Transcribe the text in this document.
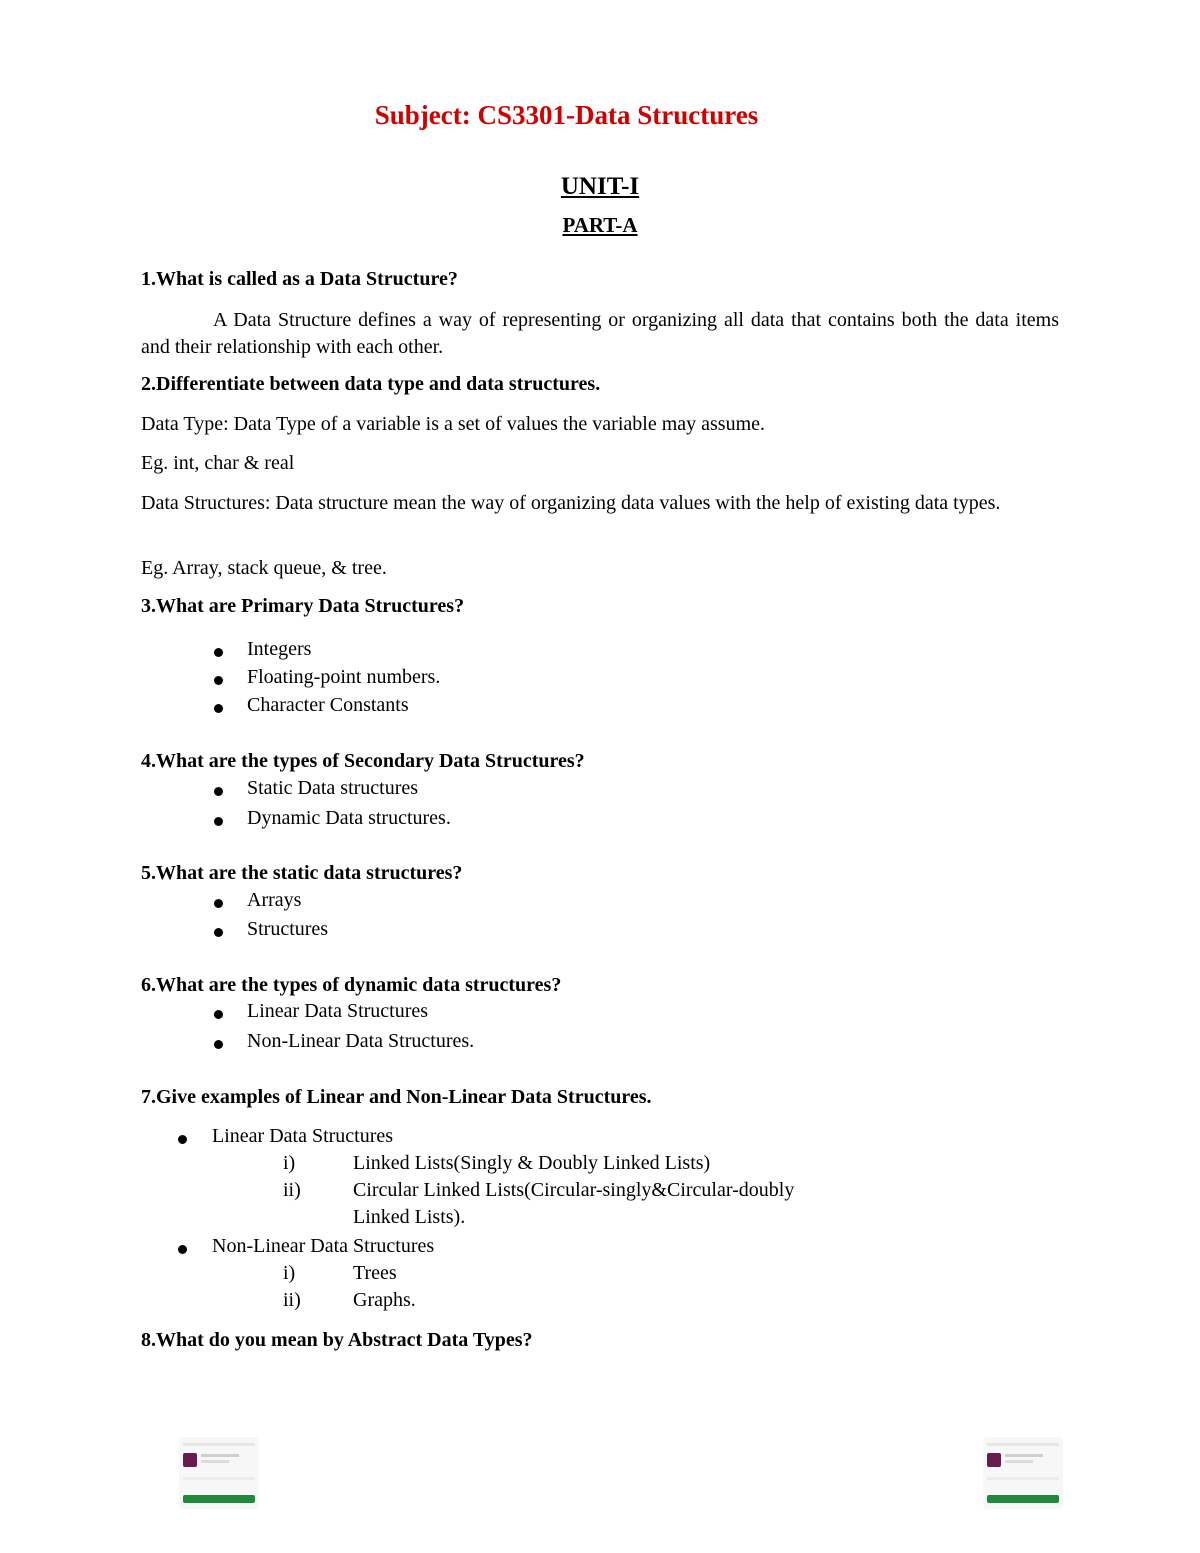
Subject: CS3301-Data Structures
UNIT-I
PART-A
1.What is called as a Data Structure?
A Data Structure defines a way of representing or organizing all data that contains both the data items and their relationship with each other.
2.Differentiate between data type and data structures.
Data Type: Data Type of a variable is a set of values the variable may assume.
Eg. int, char & real
Data Structures: Data structure mean the way of organizing data values with the help of existing data types.
Eg. Array, stack queue, & tree.
3.What are Primary Data Structures?
Integers
Floating-point numbers.
Character Constants
4.What are the types of Secondary Data Structures?
Static Data structures
Dynamic Data structures.
5.What are the static data structures?
Arrays
Structures
6.What are the types of dynamic data structures?
Linear Data Structures
Non-Linear Data Structures.
7.Give examples of Linear and Non-Linear Data Structures.
Linear Data Structures
i)	Linked Lists(Singly & Doubly Linked Lists)
ii)	Circular Linked Lists(Circular-singly&Circular-doubly
Linked Lists).
Non-Linear Data Structures
i)	Trees
ii)	Graphs.
8.What do you mean by Abstract Data Types?
